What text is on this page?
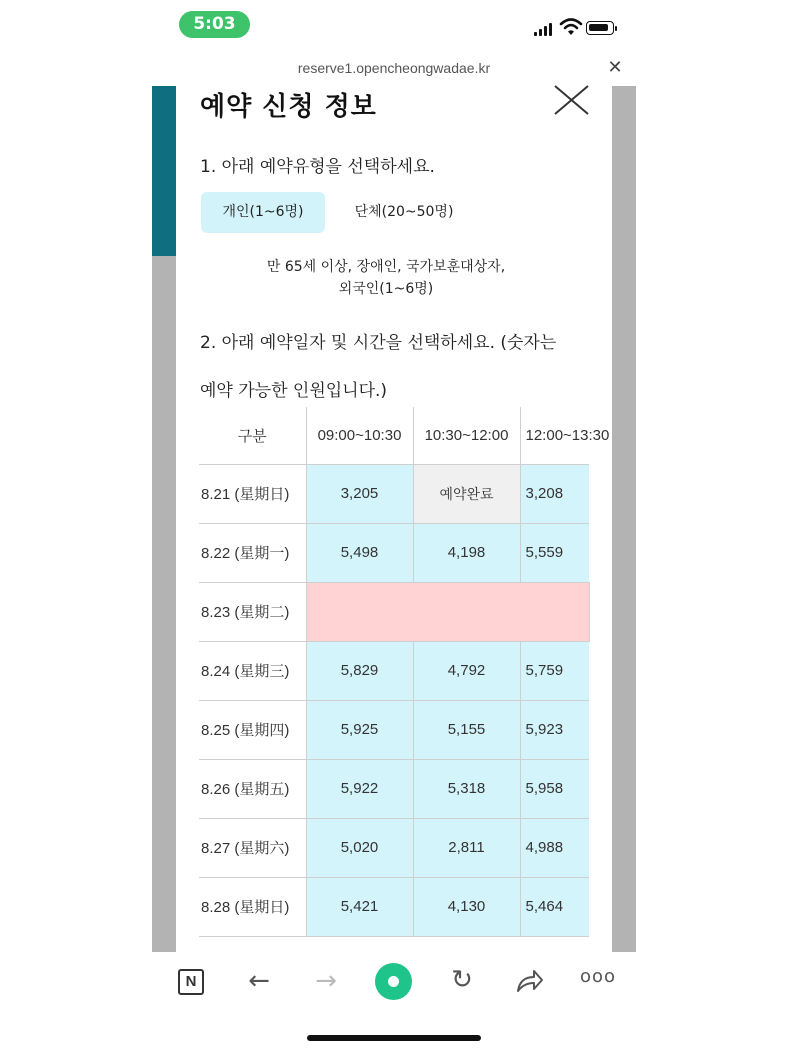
5:03
reserve1.opencheongwadae.kr	✕
예약 신청 정보
1. 아래 예약유형을 선택하세요.
개인(1~6명)	단체(20~50명)
만 65세 이상, 장애인, 국가보훈대상자,
외국인(1~6명)
2. 아래 예약일자 및 시간을 선택하세요. (숫자는
예약 가능한 인원입니다.)
구분	09:00~10:30	10:30~12:00	12:00~13:30
8.21 (星期日)	3,205	예약완료	3,208
8.22 (星期一)	5,498	4,198	5,559
8.23 (星期二)			
8.24 (星期三)	5,829	4,792	5,759
8.25 (星期四)	5,925	5,155	5,923
8.26 (星期五)	5,922	5,318	5,958
8.27 (星期六)	5,020	2,811	4,988
8.28 (星期日)	5,421	4,130	5,464
N ← →	↻	ooo
